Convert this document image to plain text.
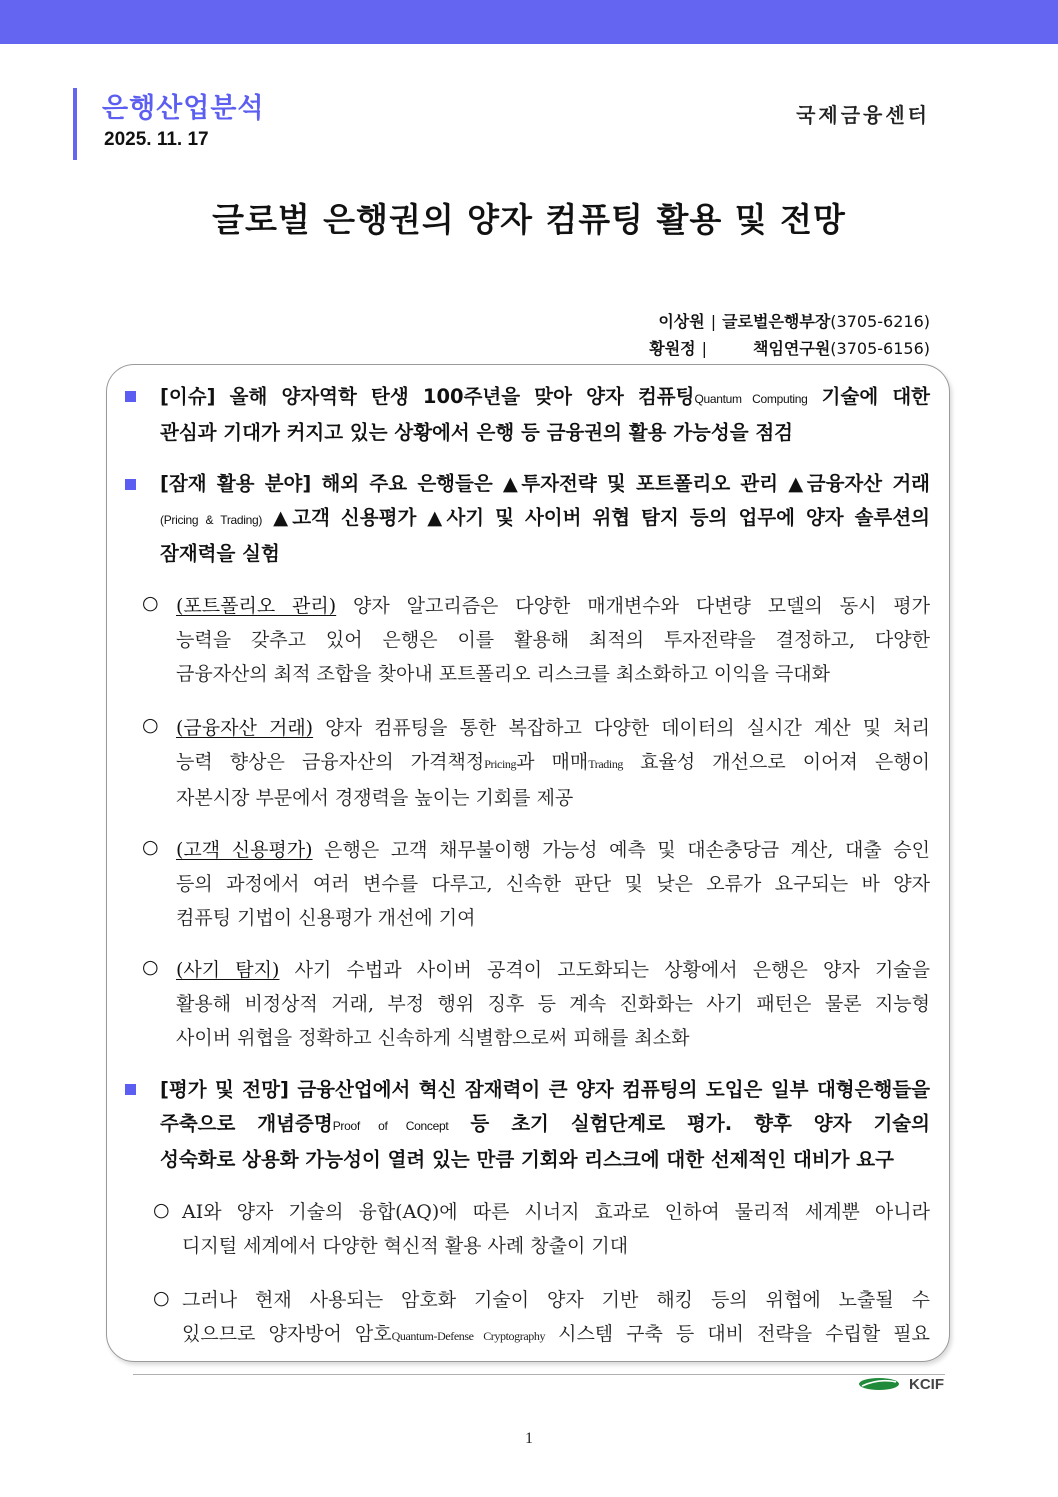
은행산업분석
2025. 11. 17
국제금융센터
글로벌 은행권의 양자 컴퓨팅 활용 및 전망
이상원 | 글로벌은행부장(3705-6216)
황원정 |	책임연구원(3705-6156)
[이슈] 올해 양자역학 탄생 100주년을 맞아 양자 컴퓨팅Quantum Computing 기술에 대한
관심과 기대가 커지고 있는 상황에서 은행 등 금융권의 활용 가능성을 점검
[잠재 활용 분야] 해외 주요 은행들은 ▲투자전략 및 포트폴리오 관리 ▲금융자산 거래 (Pricing & Trading) ▲고객 신용평가 ▲사기 및 사이버 위협 탐지 등의 업무에 양자 솔루션의
잠재력을 실험
○ (포트폴리오 관리) 양자 알고리즘은 다양한 매개변수와 다변량 모델의 동시 평가
능력을 갖추고 있어 은행은 이를 활용해 최적의 투자전략을 결정하고, 다양한
금융자산의 최적 조합을 찾아내 포트폴리오 리스크를 최소화하고 이익을 극대화
○ (금융자산 거래) 양자 컴퓨팅을 통한 복잡하고 다양한 데이터의 실시간 계산 및 처리
능력 향상은 금융자산의 가격책정Pricing과 매매Trading 효율성 개선으로 이어져 은행이
자본시장 부문에서 경쟁력을 높이는 기회를 제공
○ (고객 신용평가) 은행은 고객 채무불이행 가능성 예측 및 대손충당금 계산, 대출 승인
등의 과정에서 여러 변수를 다루고, 신속한 판단 및 낮은 오류가 요구되는 바 양자
컴퓨팅 기법이 신용평가 개선에 기여
○ (사기 탐지) 사기 수법과 사이버 공격이 고도화되는 상황에서 은행은 양자 기술을
활용해 비정상적 거래, 부정 행위 징후 등 계속 진화화는 사기 패턴은 물론 지능형
사이버 위협을 정확하고 신속하게 식별함으로써 피해를 최소화
[평가 및 전망] 금융산업에서 혁신 잠재력이 큰 양자 컴퓨팅의 도입은 일부 대형은행들을 주축으로 개념증명Proof of Concept 등 초기 실험단계로 평가. 향후 양자 기술의
성숙화로 상용화 가능성이 열려 있는 만큼 기회와 리스크에 대한 선제적인 대비가 요구
○ AI와 양자 기술의 융합(AQ)에 따른 시너지 효과로 인하여 물리적 세계뿐 아니라
디지털 세계에서 다양한 혁신적 활용 사례 창출이 기대
○ 그러나 현재 사용되는 암호화 기술이 양자 기반 해킹 등의 위협에 노출될 수
있으므로 양자방어 암호Quantum-Defense Cryptography 시스템 구축 등 대비 전략을 수립할 필요
KCIF
1
